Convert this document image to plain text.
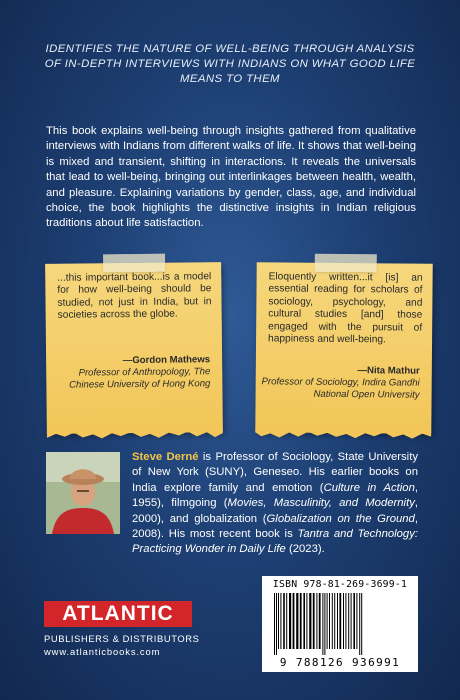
IDENTIFIES THE NATURE OF WELL-BEING THROUGH ANALYSIS OF IN-DEPTH INTERVIEWS WITH INDIANS ON WHAT GOOD LIFE MEANS TO THEM
This book explains well-being through insights gathered from qualitative interviews with Indians from different walks of life. It shows that well-being is mixed and transient, shifting in interactions. It reveals the universals that lead to well-being, bringing out interlinkages between health, wealth, and pleasure. Explaining variations by gender, class, age, and individual choice, the book highlights the distinctive insights in Indian religious traditions about life satisfaction.
...this important book...is a model for how well-being should be studied, not just in India, but in societies across the globe.
—Gordon Mathews
Professor of Anthropology, The Chinese University of Hong Kong
Eloquently written...it [is] an essential reading for scholars of sociology, psychology, and cultural studies [and] those engaged with the pursuit of happiness and well-being.
—Nita Mathur
Professor of Sociology, Indira Gandhi National Open University
Steve Derné is Professor of Sociology, State University of New York (SUNY), Geneseo. His earlier books on India explore family and emotion (Culture in Action, 1955), filmgoing (Movies, Masculinity, and Modernity, 2000), and globalization (Globalization on the Ground, 2008). His most recent book is Tantra and Technology: Practicing Wonder in Daily Life (2023).
ATLANTIC
PUBLISHERS & DISTRIBUTORS
www.atlanticbooks.com
ISBN 978-81-269-3699-1
9 788126 936991
